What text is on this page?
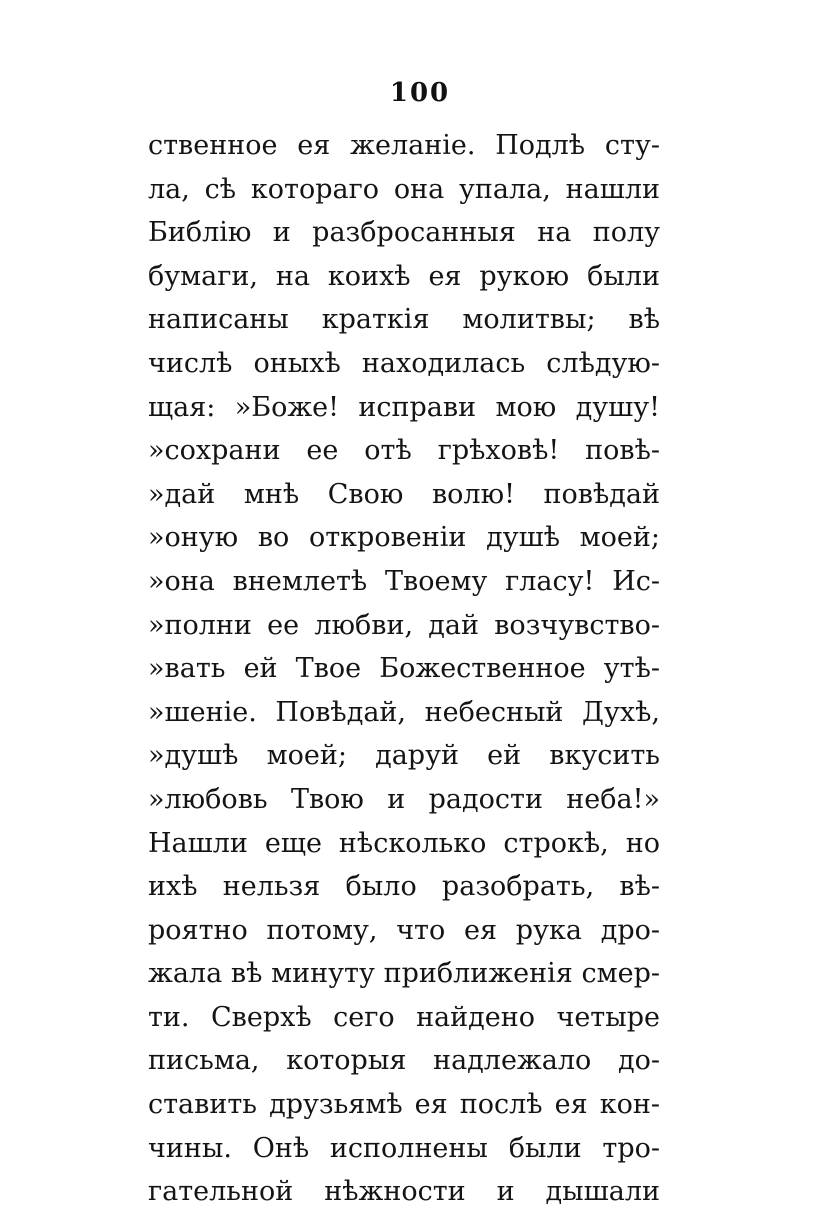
100
ственное ея желаніе. Подлѣ сту-
ла, сѣ котораго она упала, нашли
Библію и разбросанныя на полу
бумаги, на коихѣ ея рукою были
написаны краткія молитвы; вѣ
числѣ оныхѣ находилась слѣдую-
щая: »Боже! исправи мою душу!
»сохрани ее отѣ грѣховѣ! повѣ-
»дай мнѣ Свою волю! повѣдай
»оную во откровеніи душѣ моей;
»она внемлетѣ Твоему гласу! Ис-
»полни ее любви, дай возчувство-
»вать ей Твое Божественное утѣ-
»шеніе. Повѣдай, небесный Духѣ,
»душѣ моей; даруй ей вкусить
»любовь Твою и радости неба!»
Нашли еще нѣсколько строкѣ, но
ихѣ нельзя было разобрать, вѣ-
роятно потому, что ея рука дро-
жала вѣ минуту приближенія смер-
ти. Сверхѣ сего найдено четыре
письма, которыя надлежало до-
ставить друзьямѣ ея послѣ ея кон-
чины. Онѣ исполнены были тро-
гательной нѣжности и дышали
